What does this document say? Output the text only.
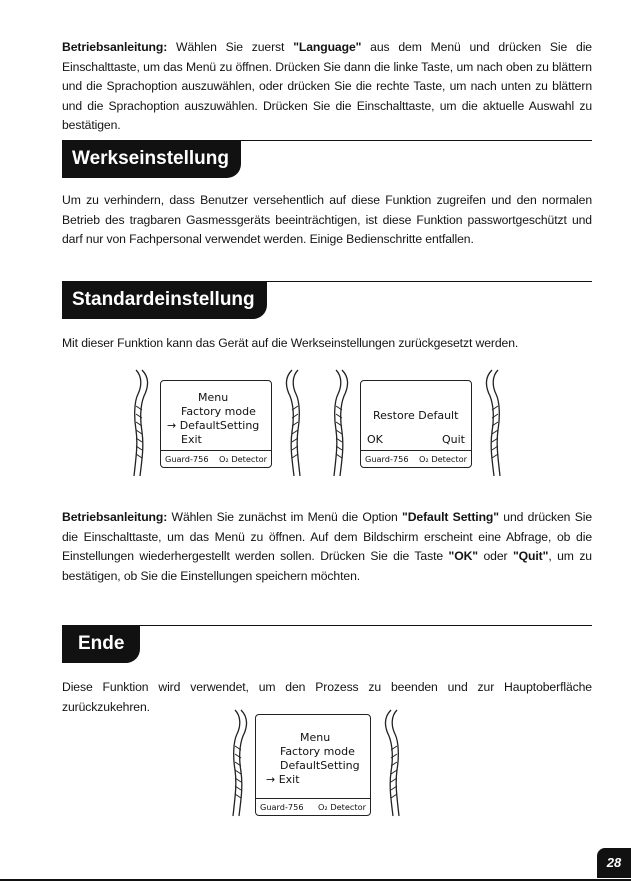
Betriebsanleitung: Wählen Sie zuerst "Language" aus dem Menü und drücken Sie die Einschalttaste, um das Menü zu öffnen. Drücken Sie dann die linke Taste, um nach oben zu blättern und die Sprachoption auszuwählen, oder drücken Sie die rechte Taste, um nach unten zu blättern und die Sprachoption auszuwählen. Drücken Sie die Einschalttaste, um die aktuelle Auswahl zu bestätigen.

Werkseinstellung

Um zu verhindern, dass Benutzer versehentlich auf diese Funktion zugreifen und den normalen Betrieb des tragbaren Gasmessgeräts beeinträchtigen, ist diese Funktion passwortgeschützt und darf nur von Fachpersonal verwendet werden. Einige Bedienschritte entfallen.

Standardeinstellung

Mit dieser Funktion kann das Gerät auf die Werkseinstellungen zurückgesetzt werden.

Menu
Factory mode
→ DefaultSetting
Exit
Guard-756 O₂ Detector
Restore Default
OK	Quit
Guard-756 O₂ Detector

Betriebsanleitung: Wählen Sie zunächst im Menü die Option "Default Setting" und drücken Sie die Einschalttaste, um das Menü zu öffnen. Auf dem Bildschirm erscheint eine Abfrage, ob die Einstellungen wiederhergestellt werden sollen. Drücken Sie die Taste "OK" oder "Quit", um zu bestätigen, ob Sie die Einstellungen speichern möchten.

Ende

Diese Funktion wird verwendet, um den Prozess zu beenden und zur Hauptoberfläche zurückzukehren.

Menu
Factory mode
DefaultSetting
→ Exit
Guard-756 O₂ Detector
28
